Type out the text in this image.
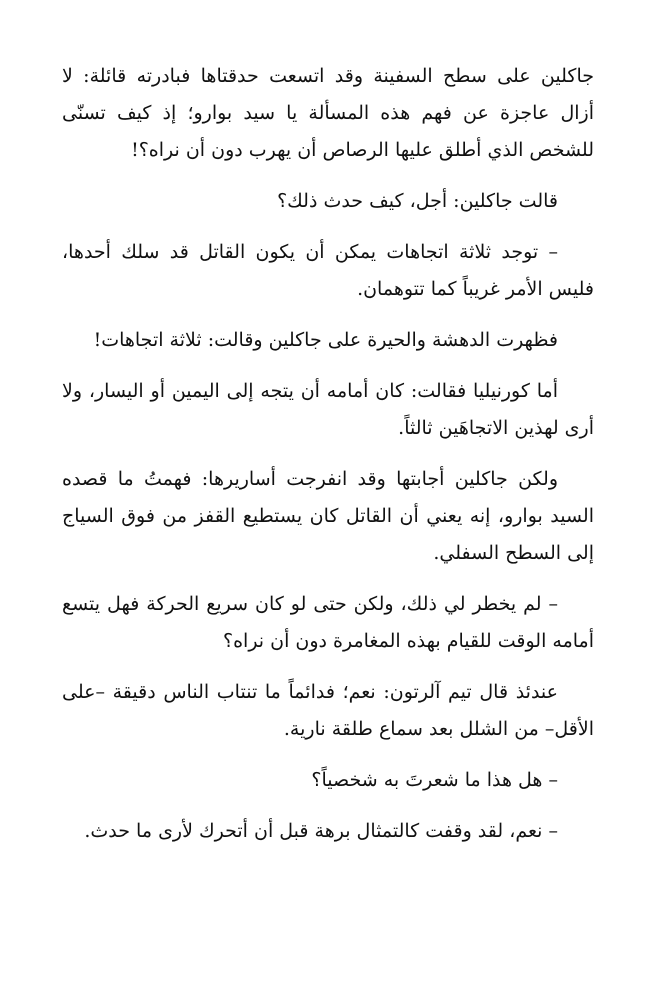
جاكلين على سطح السفينة وقد اتسعت حدقتاها فبادرته قائلة: لا أزال عاجزة عن فهم هذه المسألة يا سيد بوارو؛ إذ كيف تسنّى للشخص الذي أطلق عليها الرصاص أن يهرب دون أن نراه؟!

قالت جاكلين: أجل، كيف حدث ذلك؟

– توجد ثلاثة اتجاهات يمكن أن يكون القاتل قد سلك أحدها، فليس الأمر غريباً كما تتوهمان.

فظهرت الدهشة والحيرة على جاكلين وقالت: ثلاثة اتجاهات!

أما كورنيليا فقالت: كان أمامه أن يتجه إلى اليمين أو اليسار، ولا أرى لهذين الاتجاهَين ثالثاً.

ولكن جاكلين أجابتها وقد انفرجت أساريرها: فهمتُ ما قصده السيد بوارو، إنه يعني أن القاتل كان يستطيع القفز من فوق السياج إلى السطح السفلي.

– لم يخطر لي ذلك، ولكن حتى لو كان سريع الحركة فهل يتسع أمامه الوقت للقيام بهذه المغامرة دون أن نراه؟

عندئذ قال تيم آلرتون: نعم؛ فدائماً ما تنتاب الناس دقيقة –على الأقل– من الشلل بعد سماع طلقة نارية.

– هل هذا ما شعرتَ به شخصياً؟

– نعم، لقد وقفت كالتمثال برهة قبل أن أتحرك لأرى ما حدث.
